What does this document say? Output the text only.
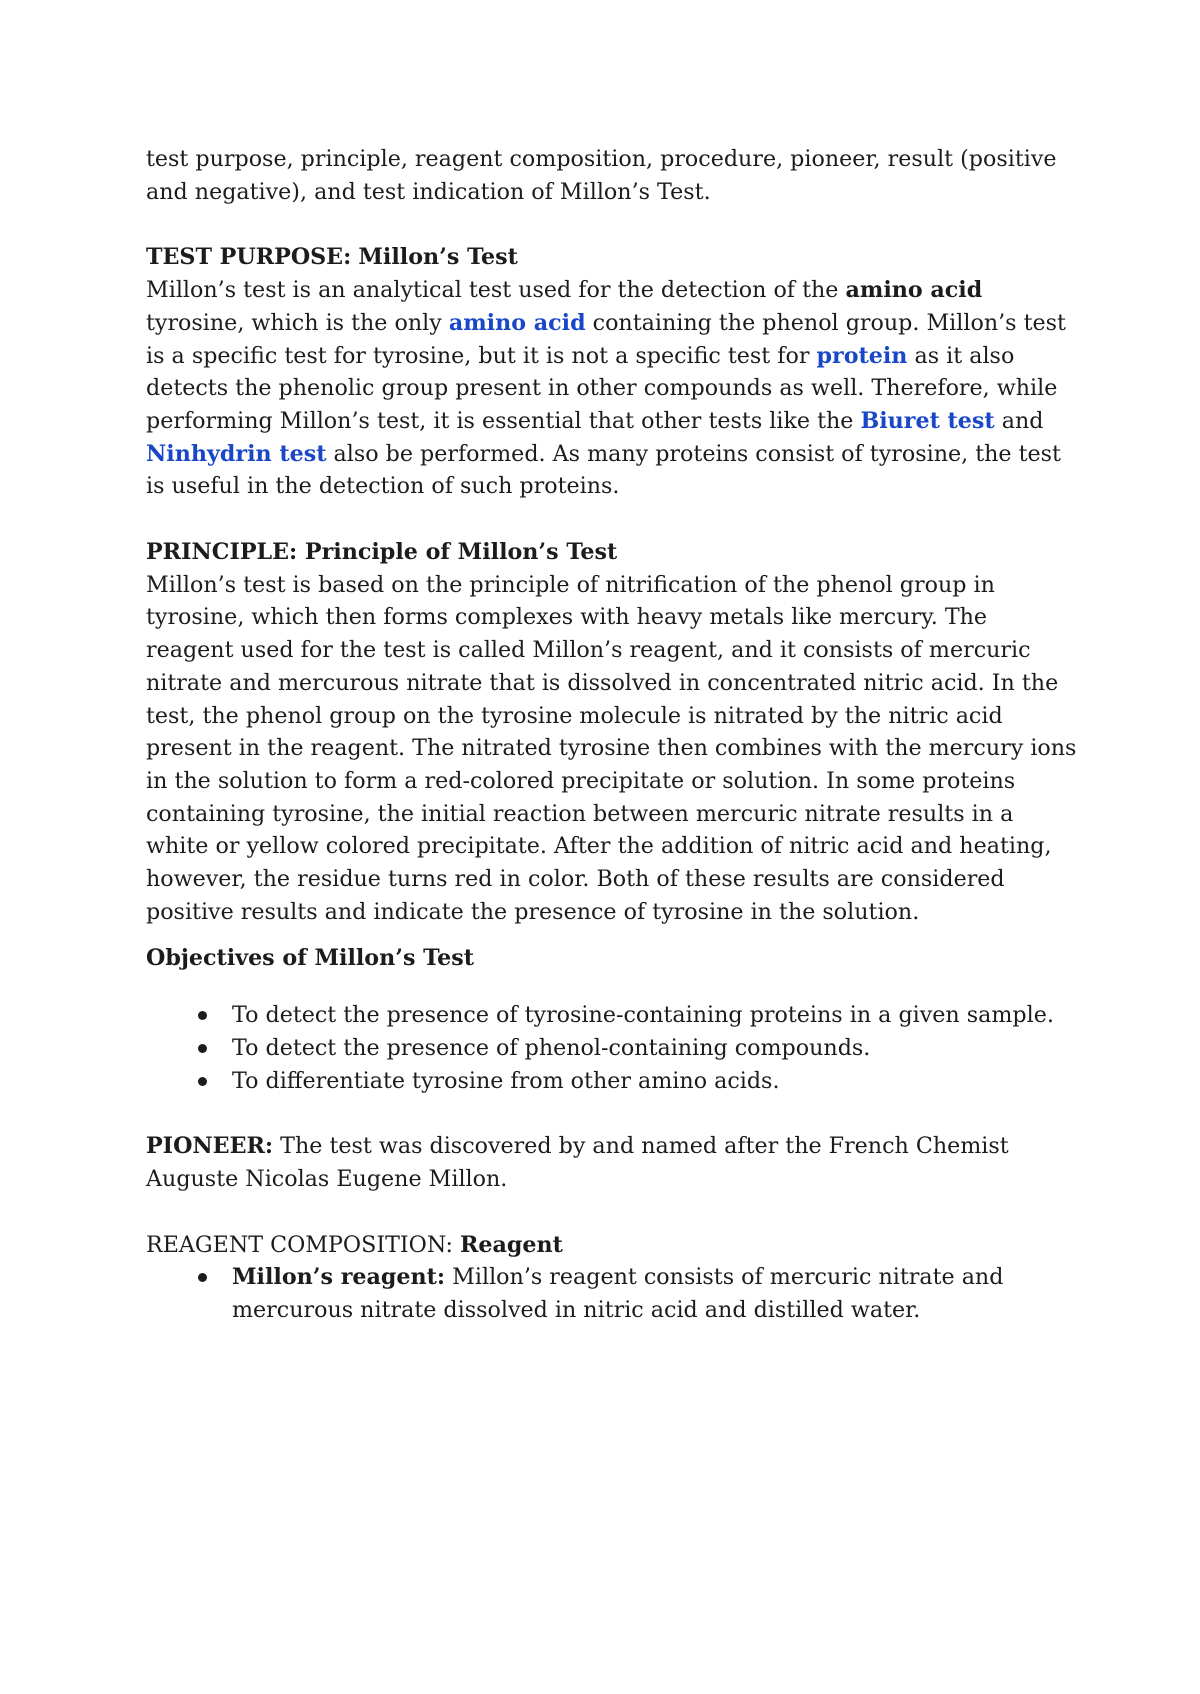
test purpose, principle, reagent composition, procedure, pioneer, result (positive and negative), and test indication of Millon’s Test.

TEST PURPOSE: Millon’s Test

Millon’s test is an analytical test used for the detection of the amino acid tyrosine, which is the only amino acid containing the phenol group. Millon’s test is a specific test for tyrosine, but it is not a specific test for protein as it also detects the phenolic group present in other compounds as well. Therefore, while performing Millon’s test, it is essential that other tests like the Biuret test and Ninhydrin test also be performed. As many proteins consist of tyrosine, the test is useful in the detection of such proteins.

PRINCIPLE: Principle of Millon’s Test

Millon’s test is based on the principle of nitrification of the phenol group in tyrosine, which then forms complexes with heavy metals like mercury. The reagent used for the test is called Millon’s reagent, and it consists of mercuric nitrate and mercurous nitrate that is dissolved in concentrated nitric acid. In the test, the phenol group on the tyrosine molecule is nitrated by the nitric acid present in the reagent. The nitrated tyrosine then combines with the mercury ions in the solution to form a red-colored precipitate or solution. In some proteins containing tyrosine, the initial reaction between mercuric nitrate results in a white or yellow colored precipitate. After the addition of nitric acid and heating, however, the residue turns red in color. Both of these results are considered positive results and indicate the presence of tyrosine in the solution.

Objectives of Millon’s Test

To detect the presence of tyrosine-containing proteins in a given sample.
To detect the presence of phenol-containing compounds.
To differentiate tyrosine from other amino acids.

PIONEER: The test was discovered by and named after the French Chemist Auguste Nicolas Eugene Millon.

REAGENT COMPOSITION: Reagent

Millon’s reagent: Millon’s reagent consists of mercuric nitrate and mercurous nitrate dissolved in nitric acid and distilled water.
